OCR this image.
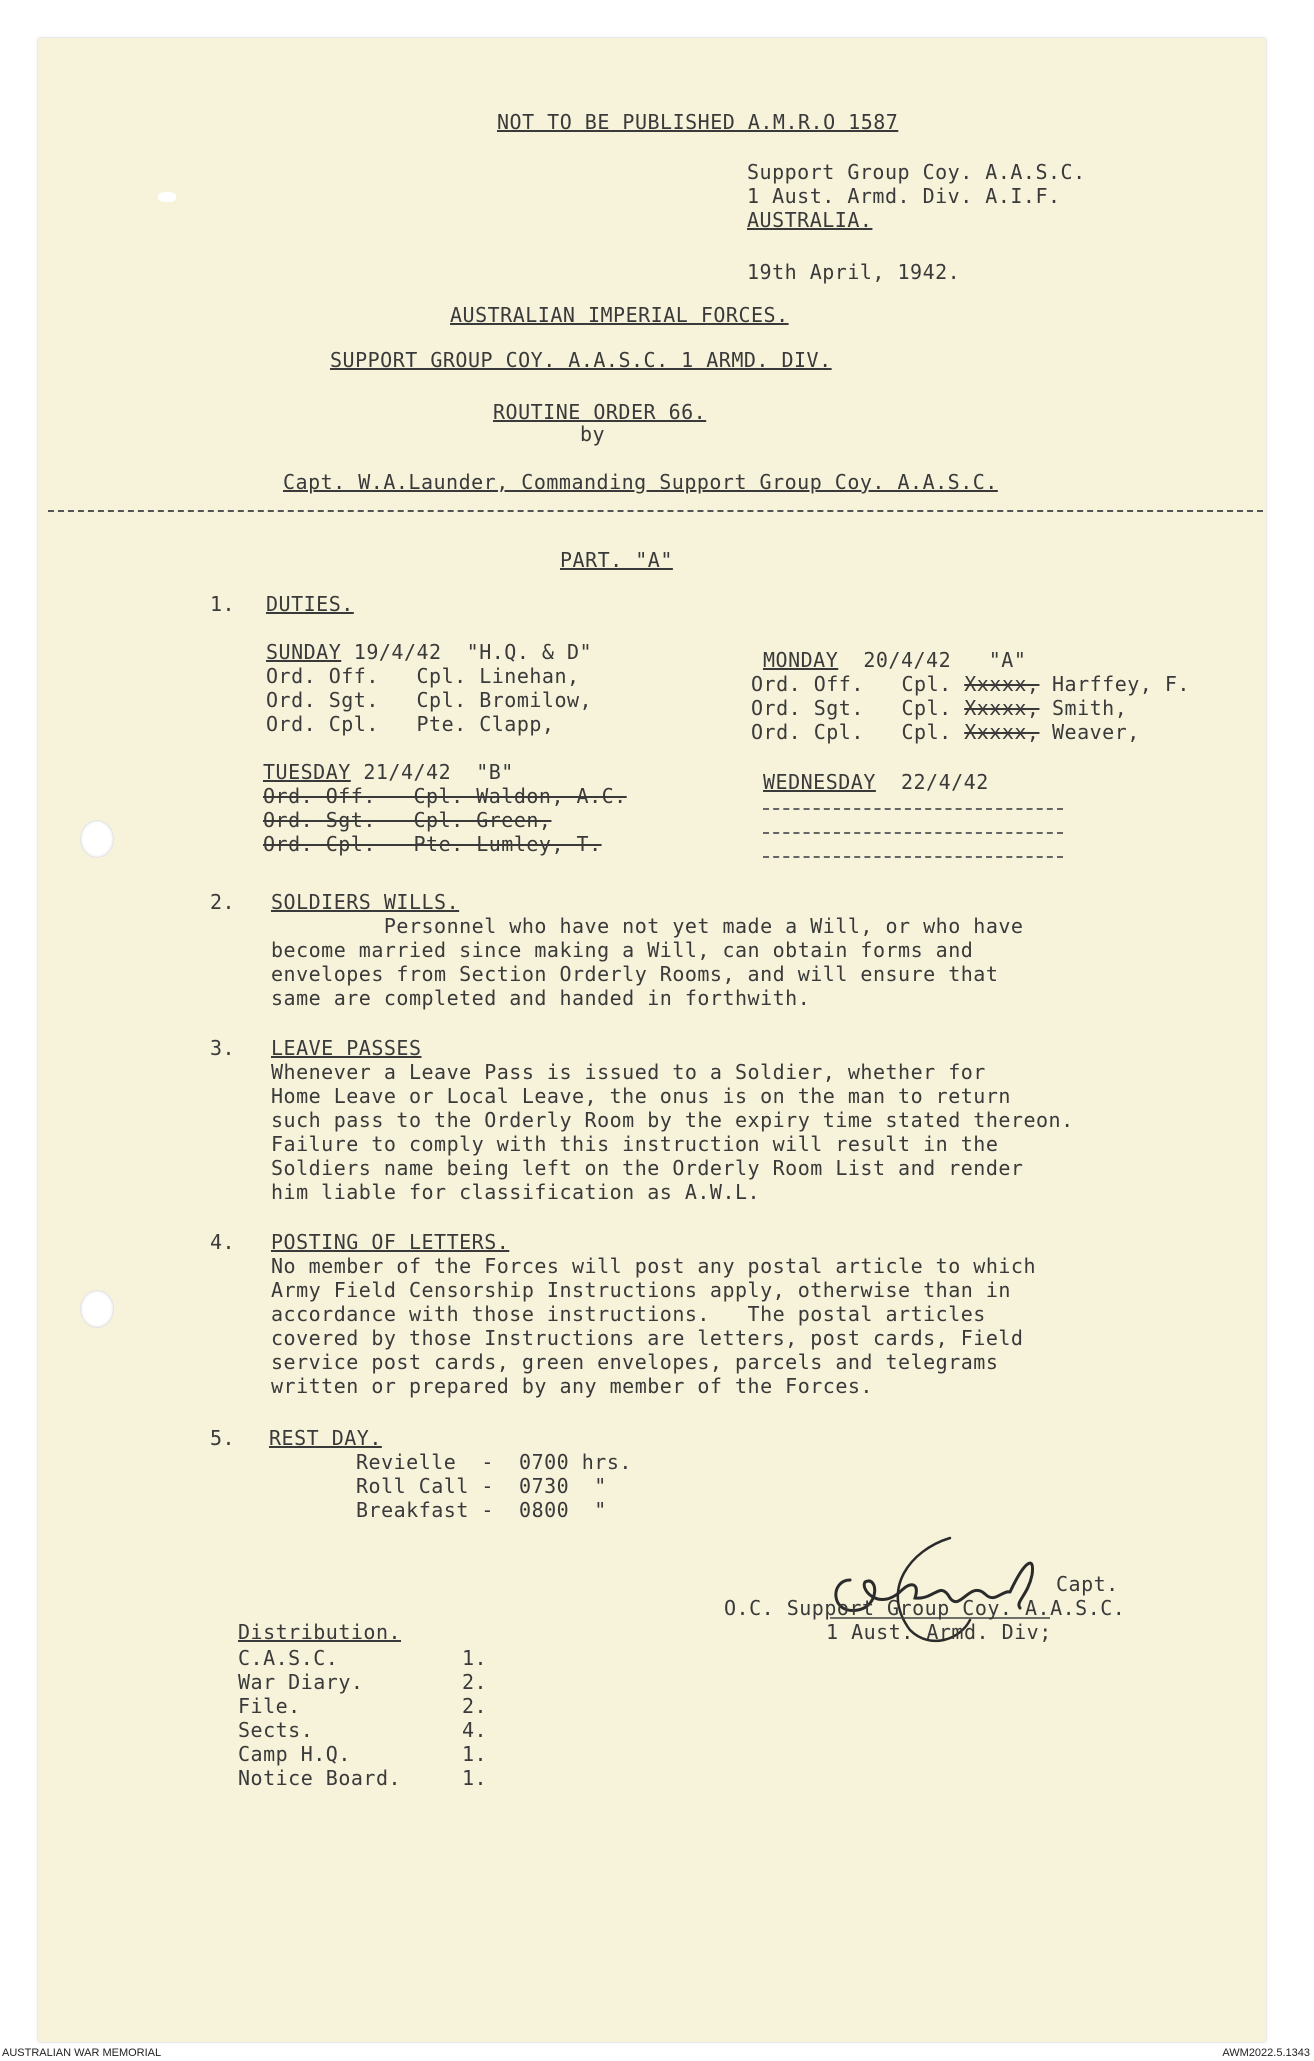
NOT TO BE PUBLISHED A.M.R.O 1587
Support Group Coy. A.A.S.C.
1 Aust. Armd. Div. A.I.F.
AUSTRALIA.
19th April, 1942.
AUSTRALIAN IMPERIAL FORCES.
SUPPORT GROUP COY. A.A.S.C. 1 ARMD. DIV.
ROUTINE ORDER 66.
by
Capt. W.A.Launder, Commanding Support Group Coy. A.A.S.C.
PART. "A"
1. DUTIES.
SUNDAY 19/4/42  "H.Q. & D"
Ord. Off.   Cpl. Linehan,
Ord. Sgt.   Cpl. Bromilow,
Ord. Cpl.   Pte. Clapp,
MONDAY  20/4/42   "A"
Ord. Off.   Cpl. Xxxxx, Harffey, F.
Ord. Sgt.   Cpl. Xxxxx, Smith,
Ord. Cpl.   Cpl. Xxxxx, Weaver,
TUESDAY 21/4/42  "B"
Ord. Off.   Cpl. Waldon, A.C.
Ord. Sgt.   Cpl. Green,
Ord. Cpl.   Pte. Lumley, T.
WEDNESDAY  22/4/42
2. SOLDIERS WILLS.
Personnel who have not yet made a Will, or who have
become married since making a Will, can obtain forms and
envelopes from Section Orderly Rooms, and will ensure that
same are completed and handed in forthwith.
3. LEAVE PASSES
Whenever a Leave Pass is issued to a Soldier, whether for
Home Leave or Local Leave, the onus is on the man to return
such pass to the Orderly Room by the expiry time stated thereon.
Failure to comply with this instruction will result in the
Soldiers name being left on the Orderly Room List and render
him liable for classification as A.W.L.
4. POSTING OF LETTERS.
No member of the Forces will post any postal article to which
Army Field Censorship Instructions apply, otherwise than in
accordance with those instructions.   The postal articles
covered by those Instructions are letters, post cards, Field
service post cards, green envelopes, parcels and telegrams
written or prepared by any member of the Forces.
5. REST DAY.
Revielle  -  0700 hrs.
Roll Call -  0730  "
Breakfast -  0800  "
Capt.
O.C. Support Group Coy. A.A.S.C.
1 Aust. Armd. Div;
Distribution.
C.A.S.C.	1.
War Diary.	2.
File.	2.
Sects.	4.
Camp H.Q.	1.
Notice Board.	1.
AUSTRALIAN WAR MEMORIAL	AWM2022.5.1343
